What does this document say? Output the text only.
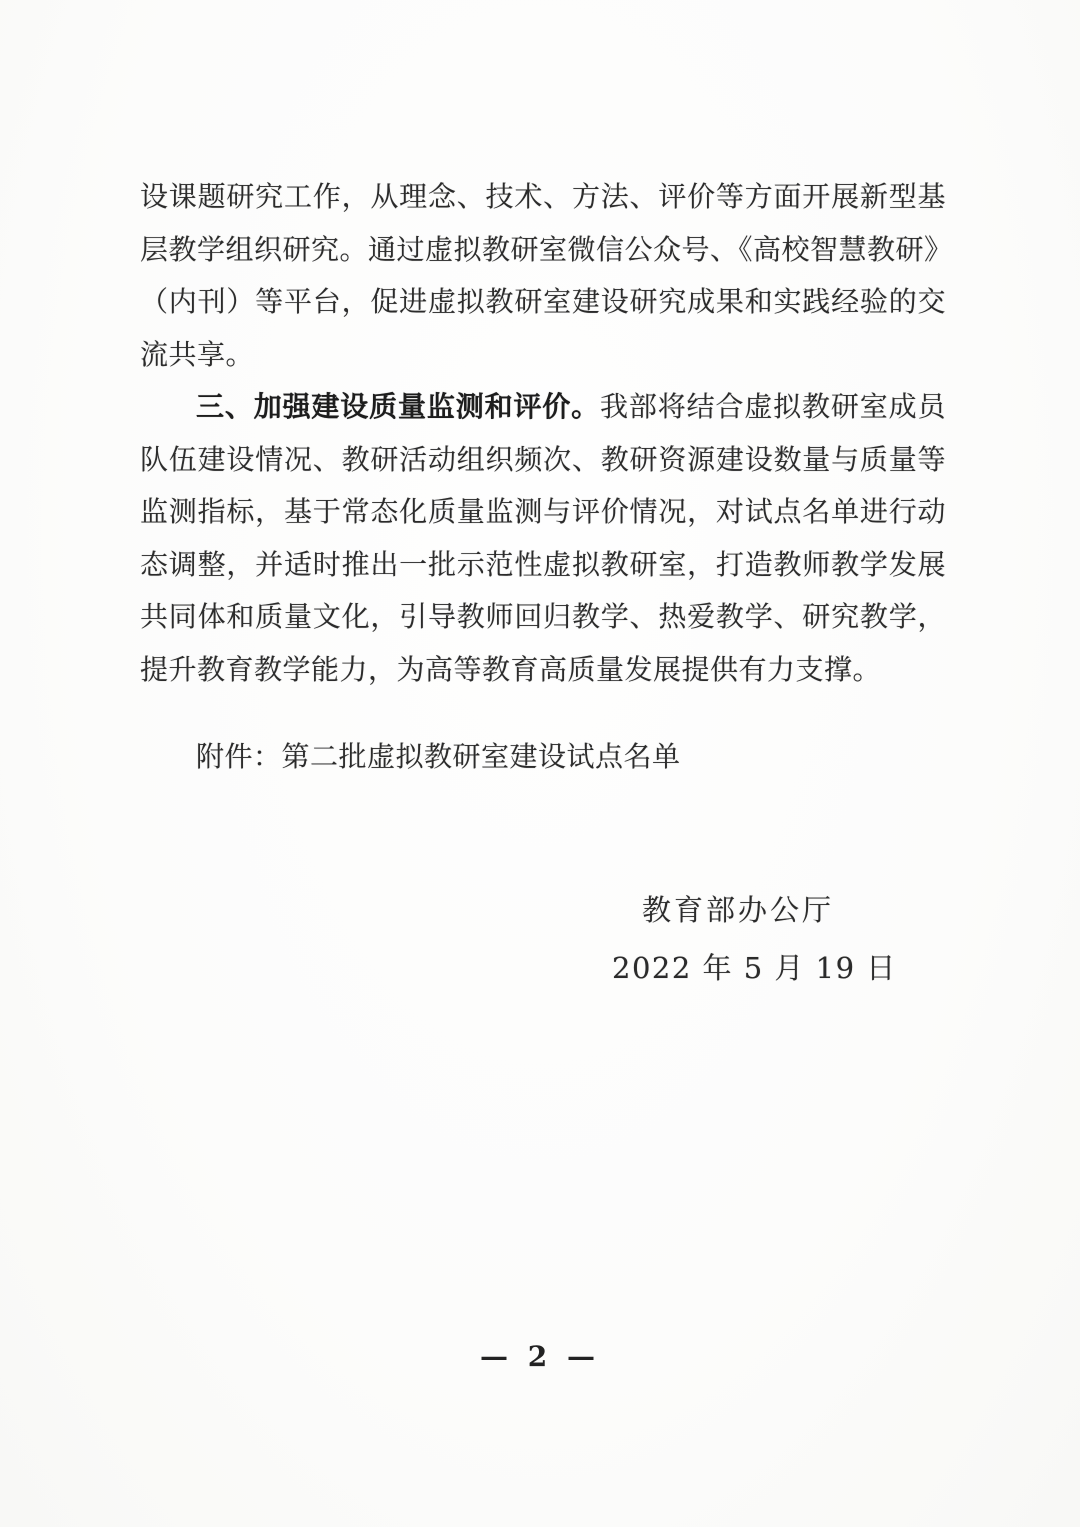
设课题研究工作，从理念、技术、方法、评价等方面开展新型基
层教学组织研究。通过虚拟教研室微信公众号、《高校智慧教研》
（内刊）等平台，促进虚拟教研室建设研究成果和实践经验的交
流共享。
三、加强建设质量监测和评价。我部将结合虚拟教研室成员
队伍建设情况、教研活动组织频次、教研资源建设数量与质量等
监测指标，基于常态化质量监测与评价情况，对试点名单进行动
态调整，并适时推出一批示范性虚拟教研室，打造教师教学发展
共同体和质量文化，引导教师回归教学、热爱教学、研究教学，
提升教育教学能力，为高等教育高质量发展提供有力支撑。
附件：第二批虚拟教研室建设试点名单
教育部办公厅
2022 年 5 月 19 日
— 2 —
